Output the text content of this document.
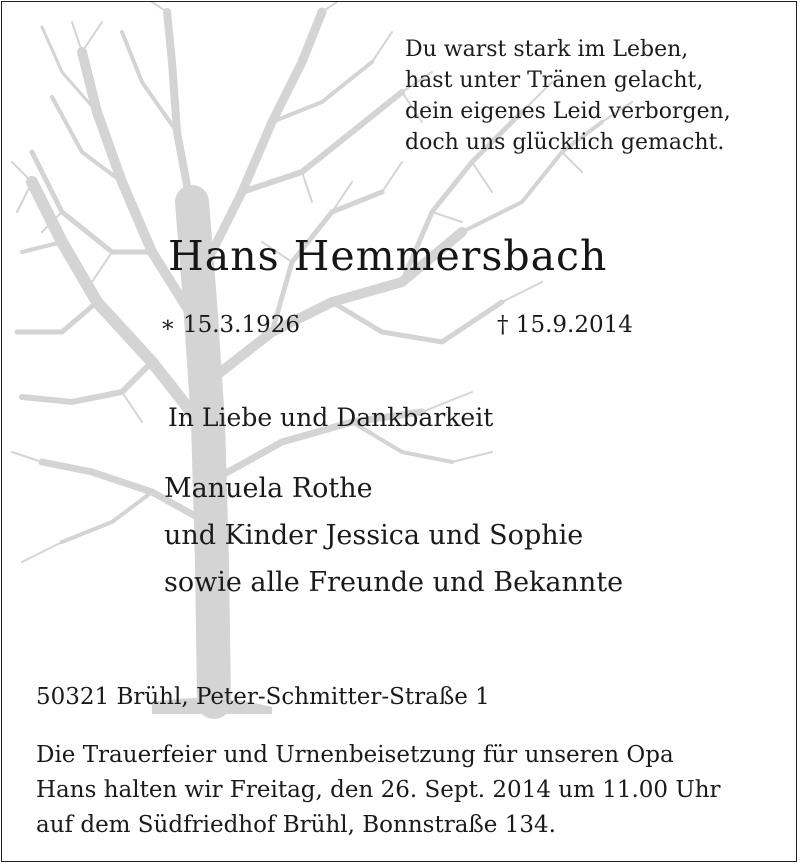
Du warst stark im Leben,
hast unter Tränen gelacht,
dein eigenes Leid verborgen,
doch uns glücklich gemacht.
Hans Hemmersbach
∗ 15.3.1926	† 15.9.2014
In Liebe und Dankbarkeit
Manuela Rothe
und Kinder Jessica und Sophie
sowie alle Freunde und Bekannte
50321 Brühl, Peter-Schmitter-Straße 1
Die Trauerfeier und Urnenbeisetzung für unseren Opa
Hans halten wir Freitag, den 26. Sept. 2014 um 11.00 Uhr
auf dem Südfriedhof Brühl, Bonnstraße 134.
